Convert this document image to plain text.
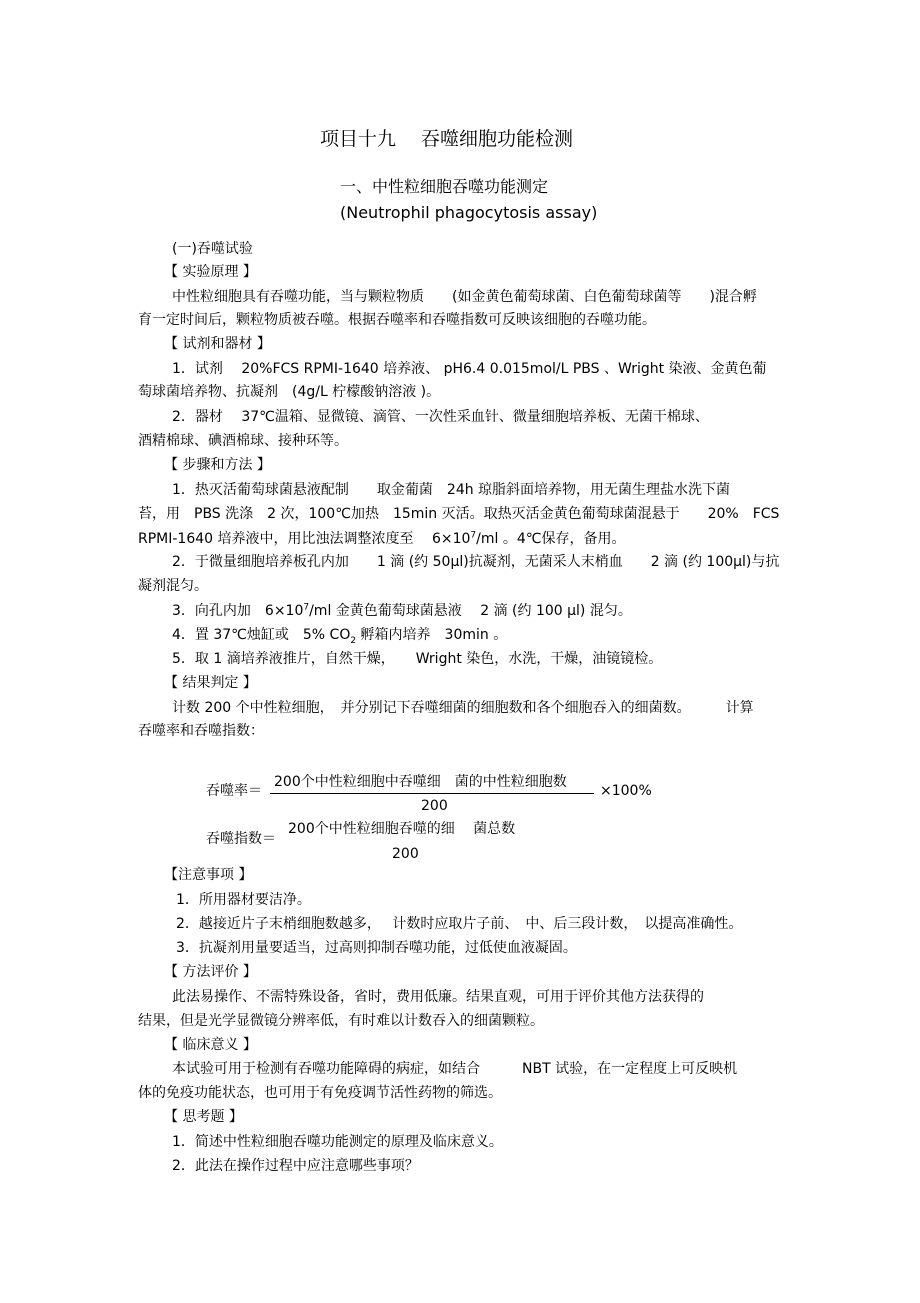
项目十九　 吞噬细胞功能检测
一、中性粒细胞吞噬功能测定
(Neutrophil phagocytosis assay)
(一)吞噬试验
【 实验原理 】
中性粒细胞具有吞噬功能，当与颗粒物质　　(如金黄色葡萄球菌、白色葡萄球菌等　　)混合孵
育一定时间后，颗粒物质被吞噬。根据吞噬率和吞噬指数可反映该细胞的吞噬功能。
【 试剂和器材 】
1．试剂　 20%FCS RPMI-1640 培养液、 pH6.4 0.015mol/L PBS 、Wright 染液、金黄色葡
萄球菌培养物、抗凝剂　(4g/L 柠檬酸钠溶液 )。
2．器材　 37℃温箱、显微镜、滴管、一次性采血针、微量细胞培养板、无菌干棉球、
酒精棉球、碘酒棉球、接种环等。
【 步骤和方法 】
1．热灭活葡萄球菌悬液配制　　取金葡菌　24h 琼脂斜面培养物，用无菌生理盐水洗下菌
苔，用　PBS 洗涤　2 次，100℃加热　15min 灭活。取热灭活金黄色葡萄球菌混悬于　　20%　FCS
RPMI-1640 培养液中，用比浊法调整浓度至　 $6\times 10^7/ml$ 。4℃保存，备用。
2．于微量细胞培养板孔内加　　1 滴 (约 50μl)抗凝剂，无菌采人末梢血　　2 滴 (约 100μl)与抗
凝剂混匀。
3．向孔内加　$6\times 10^7/ml$ 金黄色葡萄球菌悬液　 2 滴 (约 100 μl) 混匀。
4．置 37℃烛缸或　5% $CO_2$ 孵箱内培养　30min 。
5．取 1 滴培养液推片，自然干燥，　　Wright 染色，水洗，干燥，油镜镜检。
【 结果判定 】
计数 200 个中性粒细胞，　并分别记下吞噬细菌的细胞数和各个细胞吞入的细菌数。　　　计算
吞噬率和吞噬指数：
吞噬率＝
200个中性粒细胞中吞噬细　菌的中性粒细胞数
200
×100%
吞噬指数＝
200个中性粒细胞吞噬的细　 菌总数
200
【注意事项 】
1．所用器材要洁净。
2．越接近片子末梢细胞数越多，　 计数时应取片子前、　中、后三段计数，　以提高准确性。
3．抗凝剂用量要适当，过高则抑制吞噬功能，过低使血液凝固。
【 方法评价 】
此法易操作、不需特殊设备，省时，费用低廉。结果直观，可用于评价其他方法获得的
结果，但是光学显微镜分辨率低，有时难以计数吞入的细菌颗粒。
【 临床意义 】
本试验可用于检测有吞噬功能障碍的病症，如结合　　　NBT 试验，在一定程度上可反映机
体的免疫功能状态，也可用于有免疫调节活性药物的筛选。
【 思考题 】
1．简述中性粒细胞吞噬功能测定的原理及临床意义。
2．此法在操作过程中应注意哪些事项？
